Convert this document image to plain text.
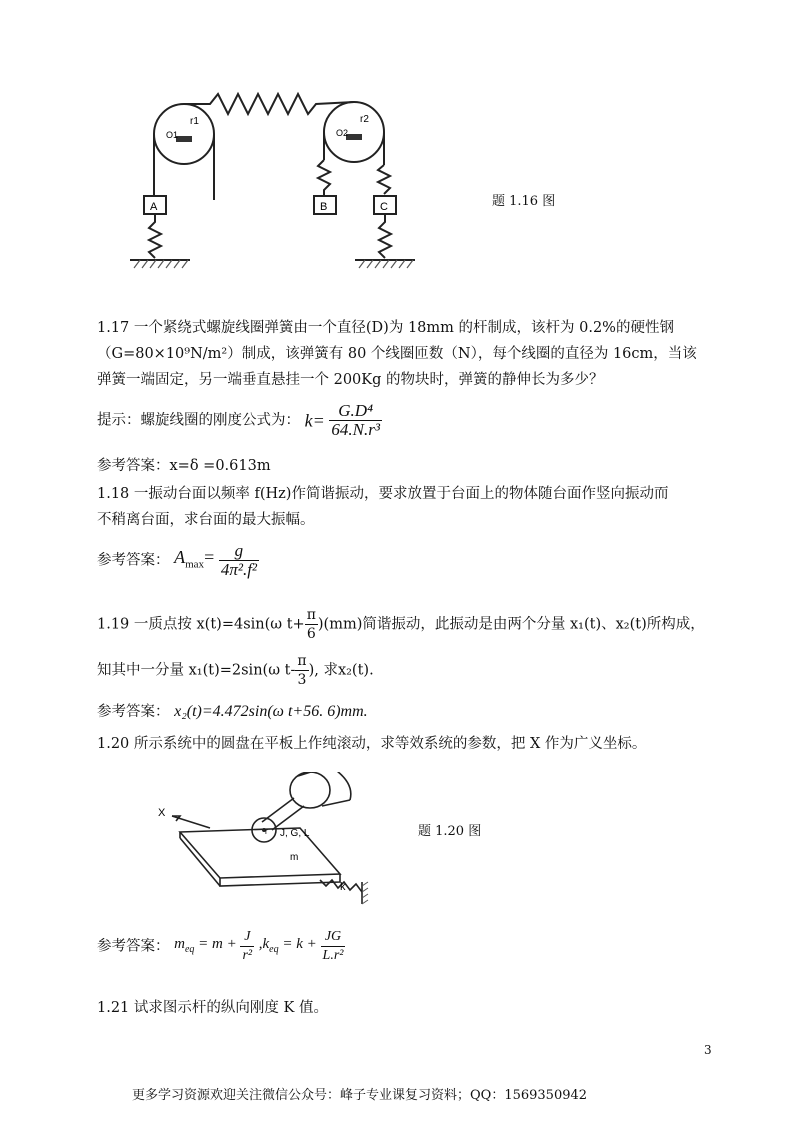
r1
O1
r2
O2
A	B	C	题 1.16 图
1.17 一个紧绕式螺旋线圈弹簧由一个直径(D)为 18mm 的杆制成，该杆为 0.2%的硬性钢
（G=80×10⁹N/m²）制成，该弹簧有 80 个线圈匝数（N），每个线圈的直径为 16cm，当该
弹簧一端固定，另一端垂直悬挂一个 200Kg 的物块时，弹簧的静伸长为多少？
提示：螺旋线圈的刚度公式为： $k= \frac{\text{G.D⁴}}{\text{64.N.r³}}$
参考答案：x=δ =0.613m
1.18 一振动台面以频率 f(Hz)作简谐振动，要求放置于台面上的物体随台面作竖向振动而
不稍离台面，求台面的最大振幅。
参考答案： $A_{max}= \frac{g}{\text{4π².f²}}$
1.19 一质点按 x(t)=4sin(ω $t+ \frac{\pi}{6} )(mm)$简谐振动，此振动是由两个分量 x₁(t)、x₂(t)所构成，
知其中一分量 x₁(t)=2sin(ω $t- \frac{\pi}{3}$ ), 求x₂(t).
参考答案： x₂(t)=4.472sin(ω t+56. 6)mm.
1.20 所示系统中的圆盘在平板上作纯滚动，求等效系统的参数，把 X 作为广义坐标。
X
J, G, L
r
m
k
题 1.20 图
参考答案： $m_{eq} = m + \frac{J}{\text{r²}} ,k_{eq} = k + \frac{JG}{\text{L.r²}}$
1.21 试求图示杆的纵向刚度 K 值。
3
更多学习资源欢迎关注微信公众号：峰子专业课复习资料；QQ：1569350942
